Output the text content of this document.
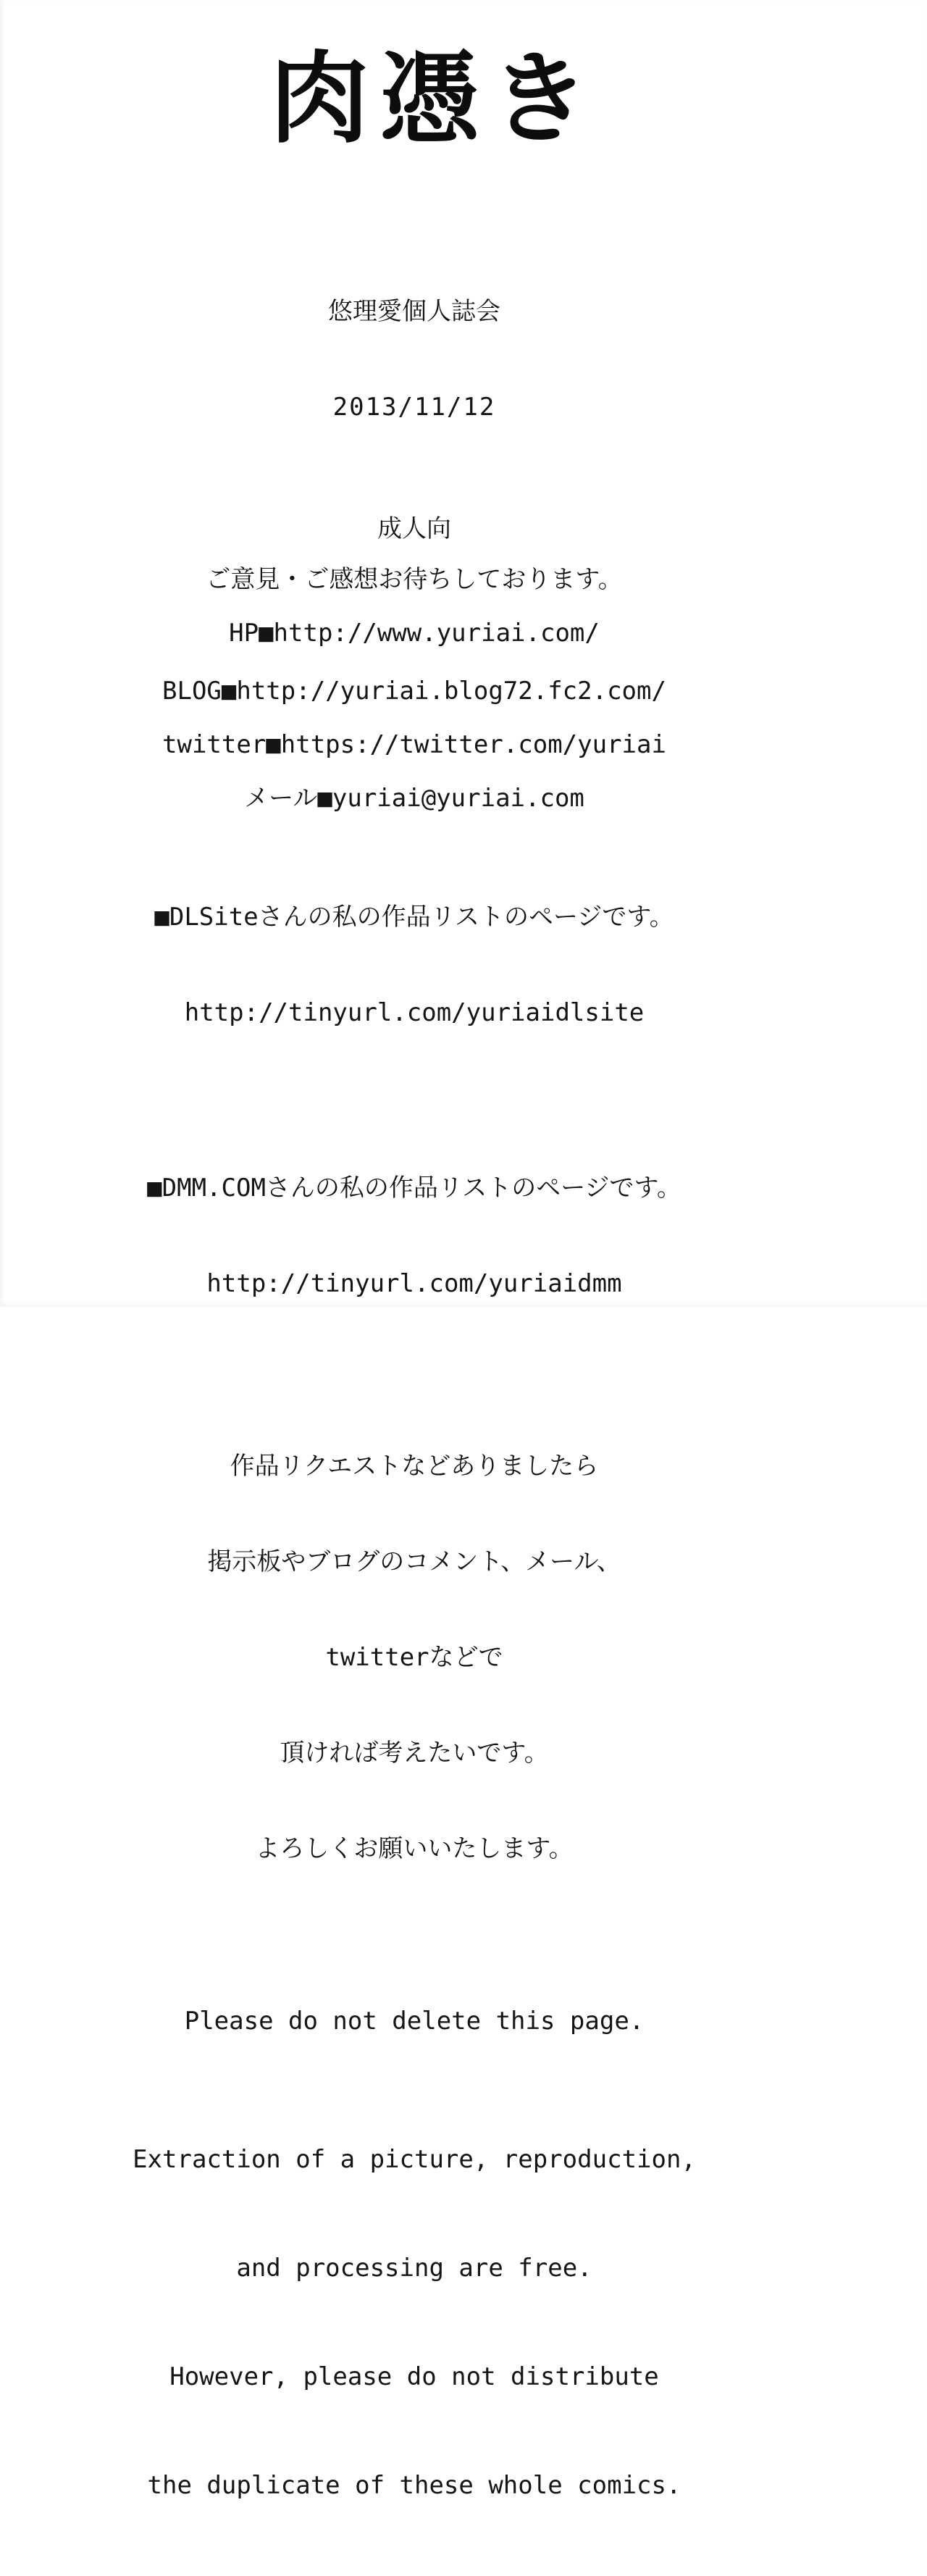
肉憑き

悠理愛個人誌会

2013/11/12

成人向
ご意見・ご感想お待ちしております。
HP■http://www.yuriai.com/
BLOG■http://yuriai.blog72.fc2.com/
twitter■https://twitter.com/yuriai
メール■yuriai@yuriai.com

■DLSiteさんの私の作品リストのページです。

http://tinyurl.com/yuriaidlsite

■DMM.COMさんの私の作品リストのページです。

http://tinyurl.com/yuriaidmm

作品リクエストなどありましたら

掲示板やブログのコメント、メール、

twitterなどで

頂ければ考えたいです。

よろしくお願いいたします。

Please do not delete this page.

Extraction of a picture, reproduction,

and processing are free.

However, please do not distribute

the duplicate of these whole comics.
